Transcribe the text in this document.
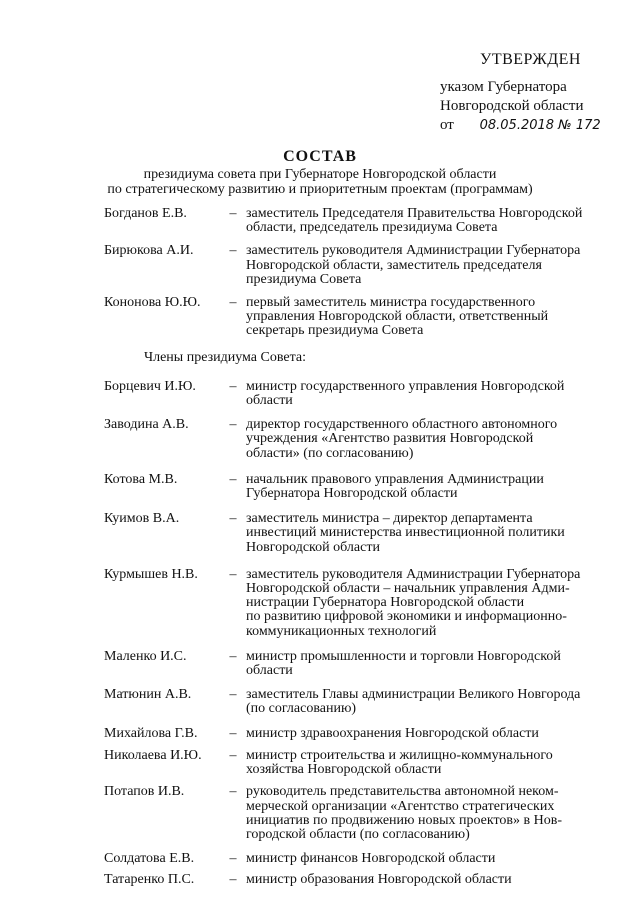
УТВЕРЖДЕН
указом Губернатора
Новгородской области
от 08.05.2018 № 172
СОСТАВ
президиума совета при Губернаторе Новгородской области
по стратегическому развитию и приоритетным проектам (программам)
Богданов Е.В.	– заместитель Председателя Правительства Новгородской
области, председатель президиума Совета
Бирюкова А.И.	– заместитель руководителя Администрации Губернатора
Новгородской области, заместитель председателя
президиума Совета
Кононова Ю.Ю.	– первый заместитель министра государственного
управления Новгородской области, ответственный
секретарь президиума Совета
Члены президиума Совета:
Борцевич И.Ю.	– министр государственного управления Новгородской
области
Заводина А.В.	– директор государственного областного автономного
учреждения «Агентство развития Новгородской
области» (по согласованию)
Котова М.В.	– начальник правового управления Администрации
Губернатора Новгородской области
Куимов В.А.	– заместитель министра – директор департамента
инвестиций министерства инвестиционной политики
Новгородской области
Курмышев Н.В.	– заместитель руководителя Администрации Губернатора
Новгородской области – начальник управления Адми-
нистрации Губернатора Новгородской области
по развитию цифровой экономики и информационно-
коммуникационных технологий
Маленко И.С.	– министр промышленности и торговли Новгородской
области
Матюнин А.В.	– заместитель Главы администрации Великого Новгорода
(по согласованию)
Михайлова Г.В.	– министр здравоохранения Новгородской области
Николаева И.Ю.	– министр строительства и жилищно-коммунального
хозяйства Новгородской области
Потапов И.В.	– руководитель представительства автономной неком-
мерческой организации «Агентство стратегических
инициатив по продвижению новых проектов» в Нов-
городской области (по согласованию)
Солдатова Е.В.	– министр финансов Новгородской области
Татаренко П.С.	– министр образования Новгородской области
